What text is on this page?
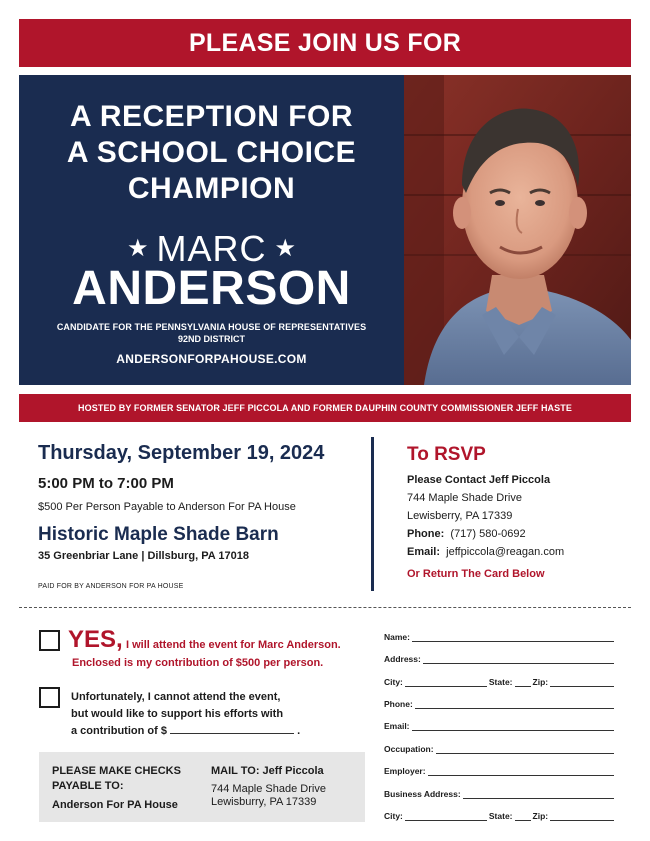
PLEASE JOIN US FOR
A RECEPTION FOR
A SCHOOL CHOICE
CHAMPION
★ MARC ★
ANDERSON
CANDIDATE FOR THE PENNSYLVANIA HOUSE OF REPRESENTATIVES
92ND DISTRICT
ANDERSONFORPAHOUSE.COM
HOSTED BY FORMER SENATOR JEFF PICCOLA AND FORMER DAUPHIN COUNTY COMMISSIONER JEFF HASTE
Thursday, September 19, 2024
5:00 PM to 7:00 PM
$500 Per Person Payable to Anderson For PA House
Historic Maple Shade Barn
35 Greenbriar Lane | Dillsburg, PA 17018
PAID FOR BY ANDERSON FOR PA HOUSE
To RSVP
Please Contact Jeff Piccola
744 Maple Shade Drive
Lewisberry, PA 17339
Phone: (717) 580-0692
Email: jeffpiccola@reagan.com
Or Return The Card Below
YES, I will attend the event for Marc Anderson.
Enclosed is my contribution of $500 per person.
Unfortunately, I cannot attend the event,
but would like to support his efforts with
a contribution of $	.
PLEASE MAKE CHECKS PAYABLE TO:
Anderson For PA House
MAIL TO: Jeff Piccola
744 Maple Shade Drive
Lewisburry, PA 17339
Name:
Address:
City:	State: Zip:
Phone:
Email:
Occupation:
Employer:
Business Address:
City:	State: Zip:
